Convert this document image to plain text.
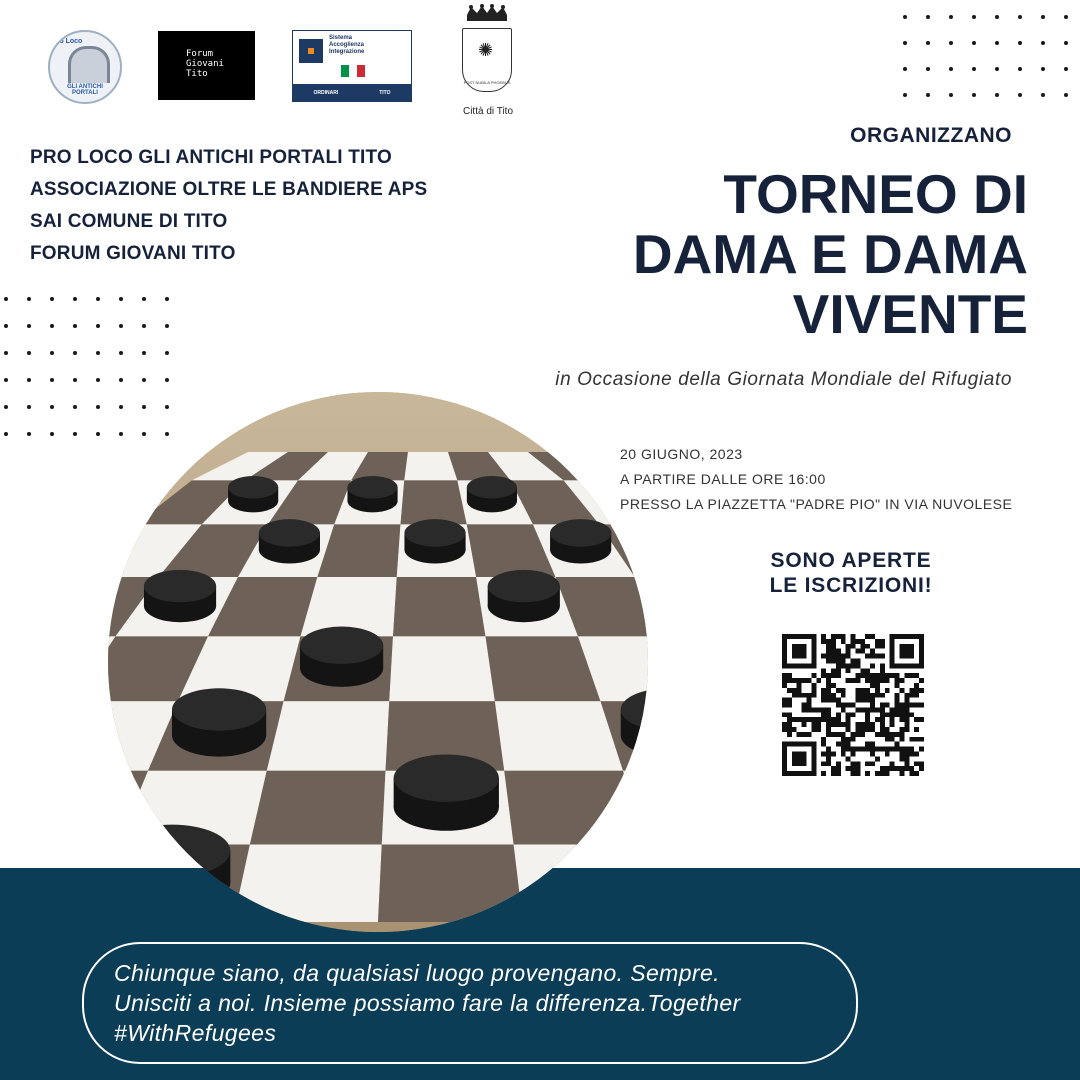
Pro Loco
GLI ANTICHI PORTALI
Forum
Giovani
Tito
Sistema
Accoglienza
Integrazione
ORDINARI	TITO
✺
POST NUBILA PHOEBUS
Città di Tito
PRO LOCO GLI ANTICHI PORTALI TITO
ASSOCIAZIONE OLTRE LE BANDIERE APS
SAI COMUNE DI TITO
FORUM GIOVANI TITO
ORGANIZZANO
TORNEO DI
DAMA E DAMA
VIVENTE
in Occasione della Giornata Mondiale del Rifugiato
20 GIUGNO, 2023
A PARTIRE DALLE ORE 16:00
PRESSO LA PIAZZETTA "PADRE PIO" IN VIA NUVOLESE
SONO APERTE
LE ISCRIZIONI!
Chiunque siano, da qualsiasi luogo provengano. Sempre. Unisciti a noi. Insieme possiamo fare la differenza.Together #WithRefugees
